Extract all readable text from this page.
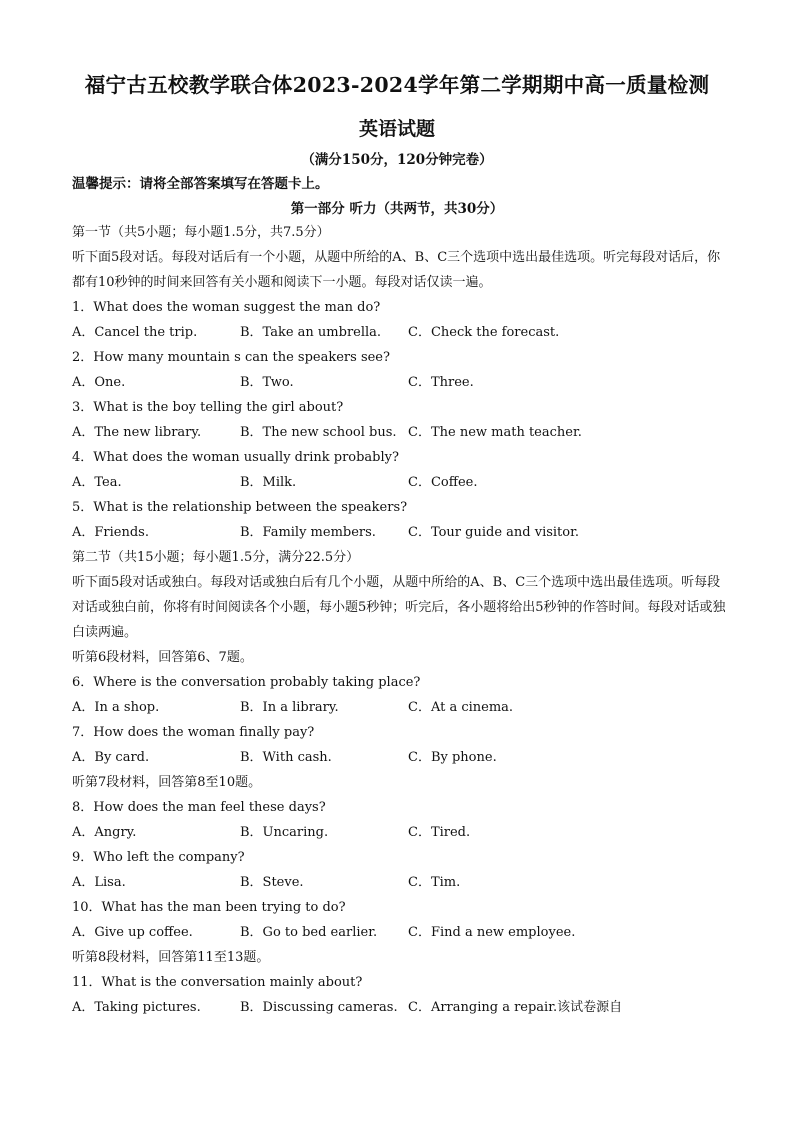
福宁古五校教学联合体2023-2024学年第二学期期中高一质量检测
英语试题
（满分150分，120分钟完卷）
温馨提示：请将全部答案填写在答题卡上。
第一部分 听力（共两节，共30分）
第一节（共5小题；每小题1.5分，共7.5分）
听下面5段对话。每段对话后有一个小题，从题中所给的A、B、C三个选项中选出最佳选项。听完每段对话后，你都有10秒钟的时间来回答有关小题和阅读下一小题。每段对话仅读一遍。
1．What does the woman suggest the man do?
A．Cancel the trip.	B．Take an umbrella. C．Check the forecast.
2．How many mountain s can the speakers see?
A．One.	B．Two.	C．Three.
3．What is the boy telling the girl about?
A．The new library.	B．The new school bus. C．The new math teacher.
4．What does the woman usually drink probably?
A．Tea.	B．Milk.	C．Coffee.
5．What is the relationship between the speakers?
A．Friends.	B．Family members. C．Tour guide and visitor.
第二节（共15小题；每小题1.5分，满分22.5分）
听下面5段对话或独白。每段对话或独白后有几个小题，从题中所给的A、B、C三个选项中选出最佳选项。听每段对话或独白前，你将有时间阅读各个小题，每小题5秒钟；听完后，各小题将给出5秒钟的作答时间。每段对话或独白读两遍。
听第6段材料，回答第6、7题。
6．Where is the conversation probably taking place?
A．In a shop.	B．In a library.	C．At a cinema.
7．How does the woman finally pay?
A．By card.	B．With cash.	C．By phone.
听第7段材料，回答第8至10题。
8．How does the man feel these days?
A．Angry.	B．Uncaring.	C．Tired.
9．Who left the company?
A．Lisa.	B．Steve.	C．Tim.
10．What has the man been trying to do?
A．Give up coffee.	B．Go to bed earlier. C．Find a new employee.
听第8段材料，回答第11至13题。
11．What is the conversation mainly about?
A．Taking pictures.	B．Discussing cameras. C．Arranging a repair.该试卷源自
